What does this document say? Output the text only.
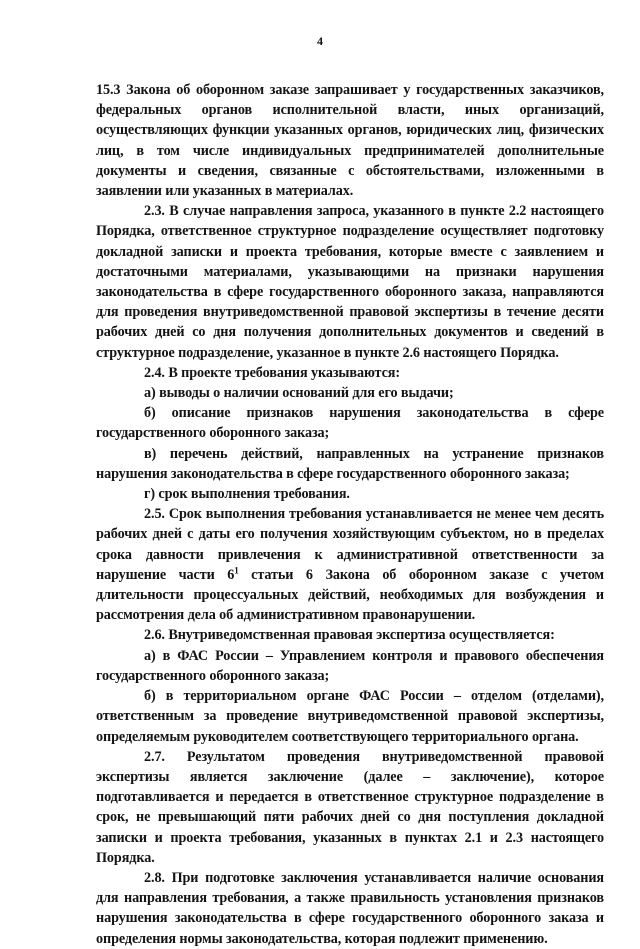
4

15.3 Закона об оборонном заказе запрашивает у государственных заказчиков, федеральных органов исполнительной власти, иных организаций, осуществляющих функции указанных органов, юридических лиц, физических лиц, в том числе индивидуальных предпринимателей дополнительные документы и сведения, связанные с обстоятельствами, изложенными в заявлении или указанных в материалах.

2.3. В случае направления запроса, указанного в пункте 2.2 настоящего Порядка, ответственное структурное подразделение осуществляет подготовку докладной записки и проекта требования, которые вместе с заявлением и достаточными материалами, указывающими на признаки нарушения законодательства в сфере государственного оборонного заказа, направляются для проведения внутриведомственной правовой экспертизы в течение десяти рабочих дней со дня получения дополнительных документов и сведений в структурное подразделение, указанное в пункте 2.6 настоящего Порядка.

2.4. В проекте требования указываются:

а) выводы о наличии оснований для его выдачи;

б) описание признаков нарушения законодательства в сфере государственного оборонного заказа;

в) перечень действий, направленных на устранение признаков нарушения законодательства в сфере государственного оборонного заказа;

г) срок выполнения требования.

2.5. Срок выполнения требования устанавливается не менее чем десять рабочих дней с даты его получения хозяйствующим субъектом, но в пределах срока давности привлечения к административной ответственности за нарушение части $6^1$ статьи 6 Закона об оборонном заказе с учетом длительности процессуальных действий, необходимых для возбуждения и рассмотрения дела об административном правонарушении.

2.6. Внутриведомственная правовая экспертиза осуществляется:

а) в ФАС России – Управлением контроля и правового обеспечения государственного оборонного заказа;

б) в территориальном органе ФАС России – отделом (отделами), ответственным за проведение внутриведомственной правовой экспертизы, определяемым руководителем соответствующего территориального органа.

2.7. Результатом проведения внутриведомственной правовой экспертизы является заключение (далее – заключение), которое подготавливается и передается в ответственное структурное подразделение в срок, не превышающий пяти рабочих дней со дня поступления докладной записки и проекта требования, указанных в пунктах 2.1 и 2.3 настоящего Порядка.

2.8. При подготовке заключения устанавливается наличие основания для направления требования, а также правильность установления признаков нарушения законодательства в сфере государственного оборонного заказа и определения нормы законодательства, которая подлежит применению.
